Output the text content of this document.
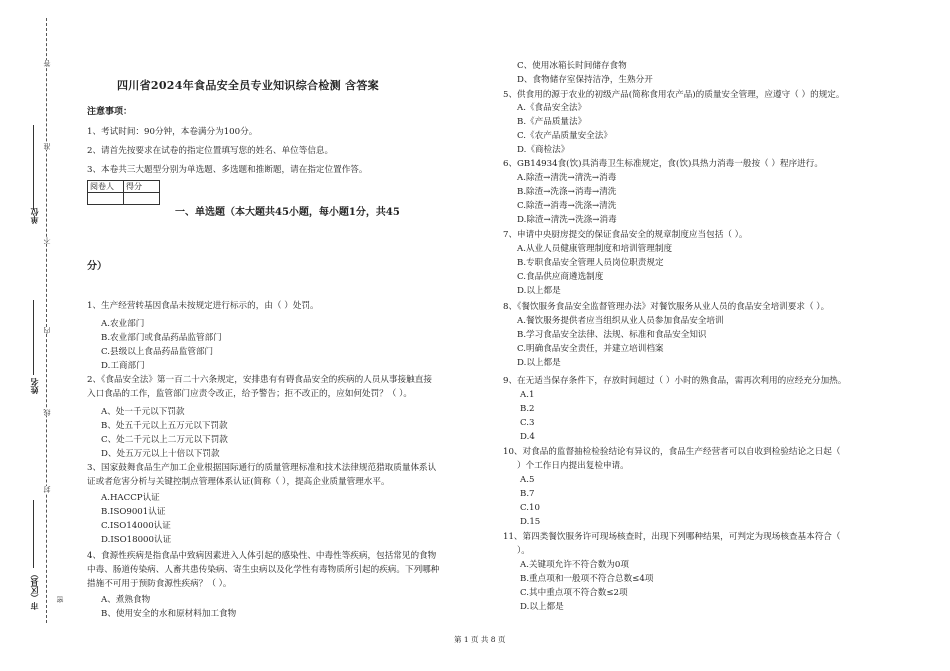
答
准
不
内
线
封
密
单位
姓名
市（区县）
四川省2024年食品安全员专业知识综合检测 含答案
注意事项：
1、考试时间：90分钟，本卷满分为100分。
2、请首先按要求在试卷的指定位置填写您的姓名、单位等信息。
3、本卷共三大题型分别为单选题、多选题和推断题，请在指定位置作答。
阅卷人	得分

一、单选题（本大题共45小题，每小题1分，共45
分）
1、生产经营转基因食品未按规定进行标示的，由（ ）处罚。
A.农业部门
B.农业部门或食品药品监管部门
C.县级以上食品药品监管部门
D.工商部门
2、《食品安全法》第一百二十六条规定，安排患有有碍食品安全的疾病的人员从事接触直接
入口食品的工作，监管部门应责令改正，给予警告；拒不改正的，应如何处罚？（ ）。
A、处一千元以下罚款
B、处五千元以上五万元以下罚款
C、处二千元以上二万元以下罚款
D、处五万元以上十倍以下罚款
3、国家鼓舞食品生产加工企业根据国际通行的质量管理标准和技术法律规范猎取质量体系认
证或者危害分析与关键控制点管理体系认证(简称（ ），提高企业质量管理水平。
A.HACCP认证
B.ISO9001认证
C.ISO14000认证
D.ISO18000认证
4、食源性疾病是指食品中致病因素进入人体引起的感染性、中毒性等疾病，包括常见的食物
中毒、肠道传染病、人畜共患传染病、寄生虫病以及化学性有毒物质所引起的疾病。下列哪种
措施不可用于预防食源性疾病？（ ）。
A、煮熟食物
B、使用安全的水和原材料加工食物
C、使用冰箱长时间储存食物
D、食物储存室保持洁净，生熟分开
5、供食用的源于农业的初级产品(简称食用农产品)的质量安全管理，应遵守（ ）的规定。
A.《食品安全法》
B.《产品质量法》
C.《农产品质量安全法》
D.《商检法》
6、GB14934食(饮)具消毒卫生标准规定，食(饮)具热力消毒一般按（ ）程序进行。
A.除渣→清洗→清洗→消毒
B.除渣→洗涤→消毒→清洗
C.除渣→消毒→洗涤→清洗
D.除渣→清洗→洗涤→消毒
7、申请中央厨房提交的保证食品安全的规章制度应当包括（ ）。
A.从业人员健康管理制度和培训管理制度
B.专职食品安全管理人员岗位职责规定
C.食品供应商遴选制度
D.以上都是
8、《餐饮服务食品安全监督管理办法》对餐饮服务从业人员的食品安全培训要求（ ）。
A.餐饮服务提供者应当组织从业人员参加食品安全培训
B.学习食品安全法律、法规、标准和食品安全知识
C.明确食品安全责任，并建立培训档案
D.以上都是
9、在无适当保存条件下，存放时间超过（ ）小时的熟食品，需再次利用的应经充分加热。
A.1
B.2
C.3
D.4
10、对食品的监督抽检检验结论有异议的，食品生产经营者可以自收到检验结论之日起（
）个工作日内提出复检申请。
A.5
B.7
C.10
D.15
11、第四类餐饮服务许可现场核查时，出现下列哪种结果，可判定为现场核查基本符合（
）。
A.关键项允许不符合数为0项
B.重点项和一般项不符合总数≤4项
C.其中重点项不符合数≤2项
D.以上都是
第 1 页 共 8 页
